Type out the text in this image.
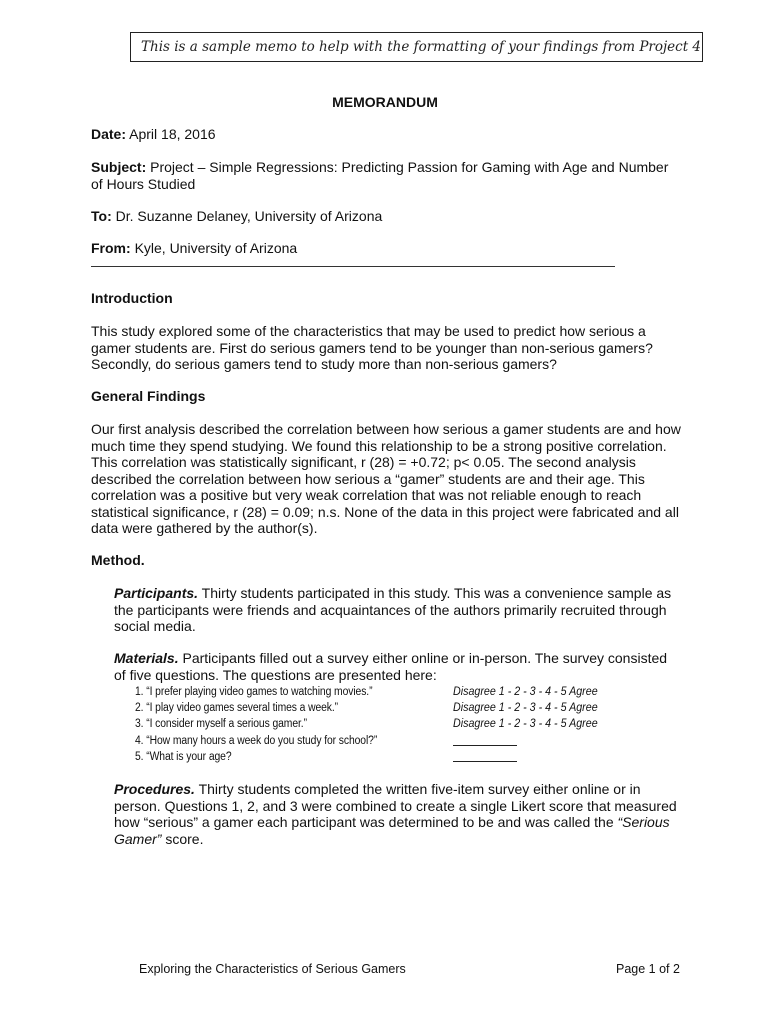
This is a sample memo to help with the formatting of your findings from Project 4
MEMORANDUM
Date: April 18, 2016
Subject: Project – Simple Regressions: Predicting Passion for Gaming with Age and Number
of Hours Studied
To: Dr. Suzanne Delaney, University of Arizona
From: Kyle, University of Arizona
Introduction
This study explored some of the characteristics that may be used to predict how serious a
gamer students are. First do serious gamers tend to be younger than non-serious gamers?
Secondly, do serious gamers tend to study more than non-serious gamers?
General Findings
Our first analysis described the correlation between how serious a gamer students are and how
much time they spend studying. We found this relationship to be a strong positive correlation.
This correlation was statistically significant, r (28) = +0.72; p< 0.05. The second analysis
described the correlation between how serious a “gamer” students are and their age. This
correlation was a positive but very weak correlation that was not reliable enough to reach
statistical significance, r (28) = 0.09; n.s. None of the data in this project were fabricated and all
data were gathered by the author(s).
Method.
Participants. Thirty students participated in this study. This was a convenience sample as
the participants were friends and acquaintances of the authors primarily recruited through
social media.
Materials. Participants filled out a survey either online or in-person. The survey consisted
of five questions. The questions are presented here:
1. “I prefer playing video games to watching movies.”	Disagree 1 - 2 - 3 - 4 - 5 Agree
2. “I play video games several times a week.”	Disagree 1 - 2 - 3 - 4 - 5 Agree
3. “I consider myself a serious gamer.”	Disagree 1 - 2 - 3 - 4 - 5 Agree
4. “How many hours a week do you study for school?”
5. “What is your age?
Procedures. Thirty students completed the written five-item survey either online or in
person. Questions 1, 2, and 3 were combined to create a single Likert score that measured
how “serious” a gamer each participant was determined to be and was called the “Serious
Gamer” score.
Exploring the Characteristics of Serious Gamers	Page 1 of 2
